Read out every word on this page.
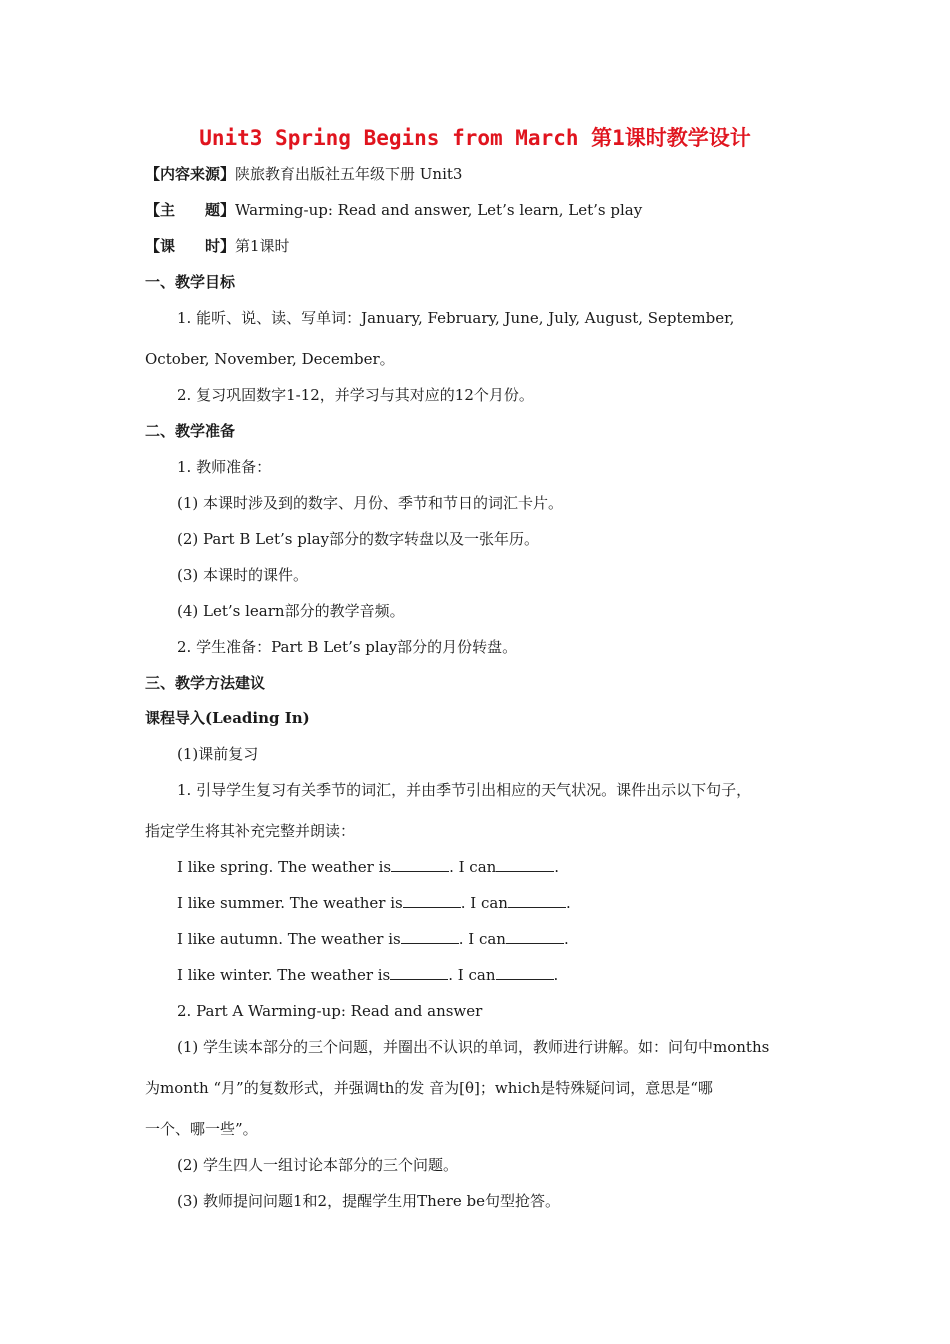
Unit3 Spring Begins from March 第1课时教学设计
【内容来源】陕旅教育出版社五年级下册 Unit3
【主　　题】Warming-up: Read and answer, Let’s learn, Let’s play
【课　　时】第1课时
一、教学目标
1. 能听、说、读、写单词：January, February, June, July, August, September,
October, November, December。
2. 复习巩固数字1-12，并学习与其对应的12个月份。
二、教学准备
1. 教师准备：
(1) 本课时涉及到的数字、月份、季节和节日的词汇卡片。
(2) Part B Let’s play部分的数字转盘以及一张年历。
(3) 本课时的课件。
(4) Let’s learn部分的教学音频。
2. 学生准备：Part B Let’s play部分的月份转盘。
三、教学方法建议
课程导入(Leading In)
(1)课前复习
1. 引导学生复习有关季节的词汇，并由季节引出相应的天气状况。课件出示以下句子，
指定学生将其补充完整并朗读：
I like spring. The weather is	. I can	.
I like summer. The weather is	. I can	.
I like autumn. The weather is	. I can	.
I like winter. The weather is	. I can	.
2. Part A Warming-up: Read and answer
(1) 学生读本部分的三个问题，并圈出不认识的单词，教师进行讲解。如：问句中months
为month “月”的复数形式，并强调th的发 音为[θ]；which是特殊疑问词，意思是“哪
一个、哪一些”。
(2) 学生四人一组讨论本部分的三个问题。
(3) 教师提问问题1和2，提醒学生用There be句型抢答。
